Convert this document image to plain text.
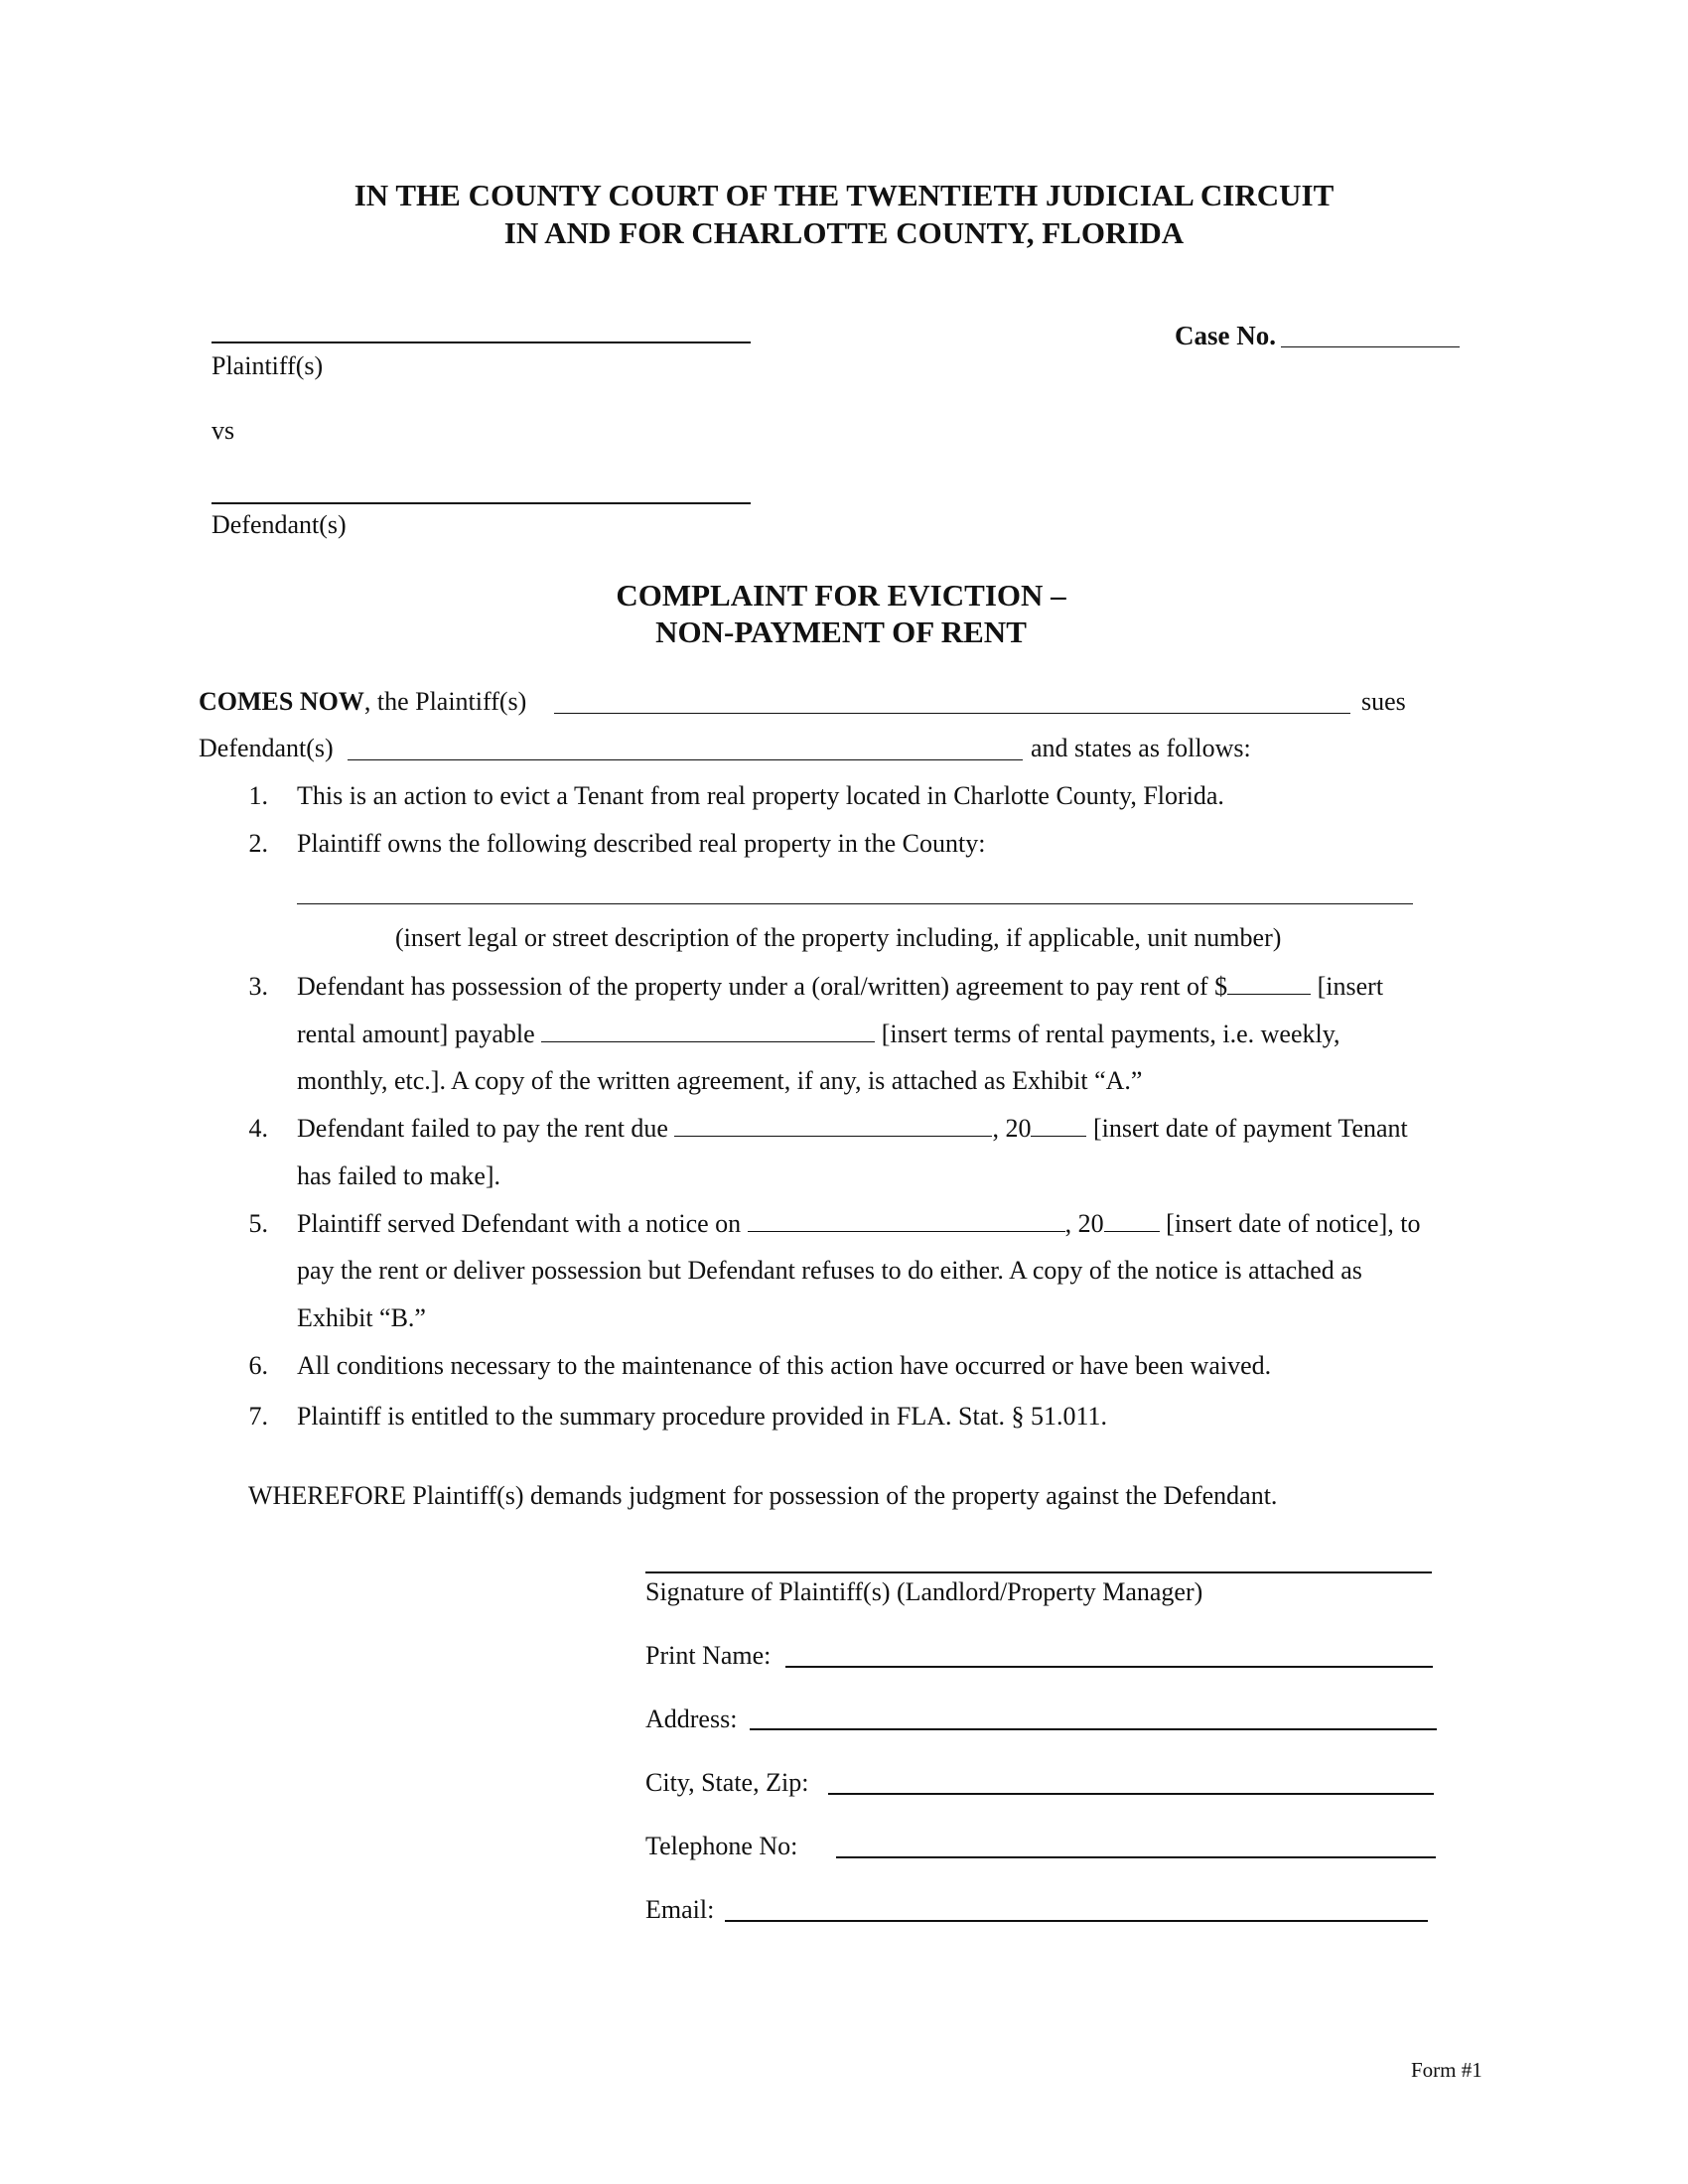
IN THE COUNTY COURT OF THE TWENTIETH JUDICIAL CIRCUIT
IN AND FOR CHARLOTTE COUNTY, FLORIDA
Plaintiff(s)
vs
Defendant(s)
Case No.
COMPLAINT FOR EVICTION –
NON-PAYMENT OF RENT
COMES NOW, the Plaintiff(s)	sues
Defendant(s)	and states as follows:
1. This is an action to evict a Tenant from real property located in Charlotte County, Florida.
2. Plaintiff owns the following described real property in the County:
(insert legal or street description of the property including, if applicable, unit number)
3. Defendant has possession of the property under a (oral/written) agreement to pay rent of $	[insert
rental amount] payable	[insert terms of rental payments, i.e. weekly,
monthly, etc.]. A copy of the written agreement, if any, is attached as Exhibit “A.”
4. Defendant failed to pay the rent due	, 20 [insert date of payment Tenant
has failed to make].
5. Plaintiff served Defendant with a notice on	, 20 [insert date of notice], to
pay the rent or deliver possession but Defendant refuses to do either. A copy of the notice is attached as
Exhibit “B.”
6. All conditions necessary to the maintenance of this action have occurred or have been waived.
7. Plaintiff is entitled to the summary procedure provided in FLA. Stat. § 51.011.
WHEREFORE Plaintiff(s) demands judgment for possession of the property against the Defendant.
Signature of Plaintiff(s) (Landlord/Property Manager)
Print Name:
Address:
City, State, Zip:
Telephone No:
Email:
Form #1
